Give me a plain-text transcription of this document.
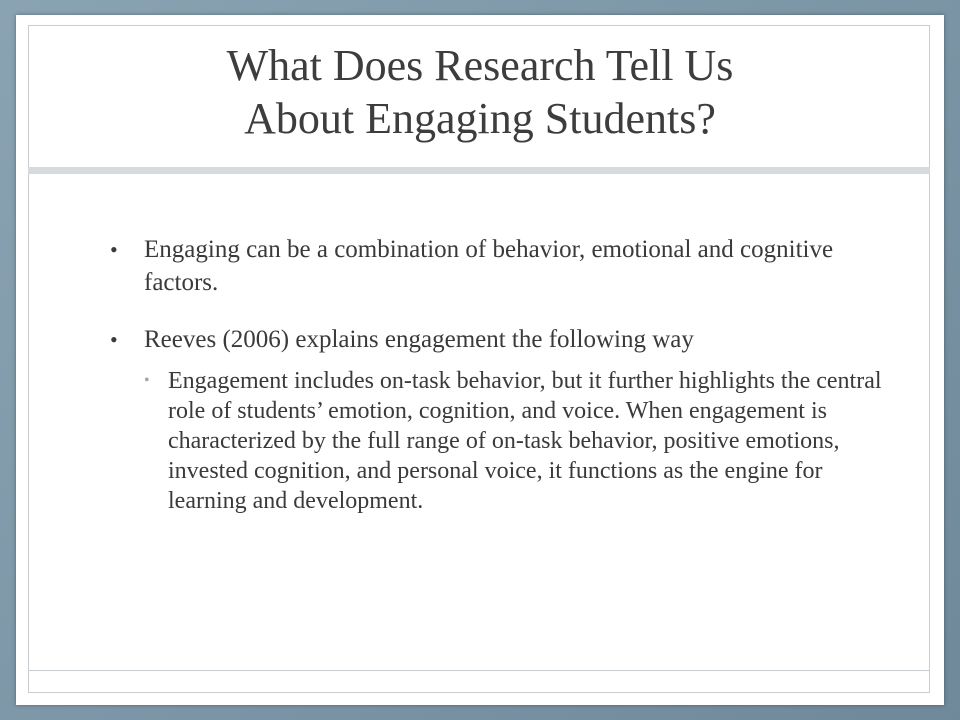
What Does Research Tell Us
About Engaging Students?
• Engaging can be a combination of behavior, emotional and cognitive factors.
• Reeves (2006) explains engagement the following way
• Engagement includes on-task behavior, but it further highlights the central role of students’ emotion, cognition, and voice. When engagement is characterized by the full range of on-task behavior, positive emotions, invested cognition, and personal voice, it functions as the engine for learning and development.
